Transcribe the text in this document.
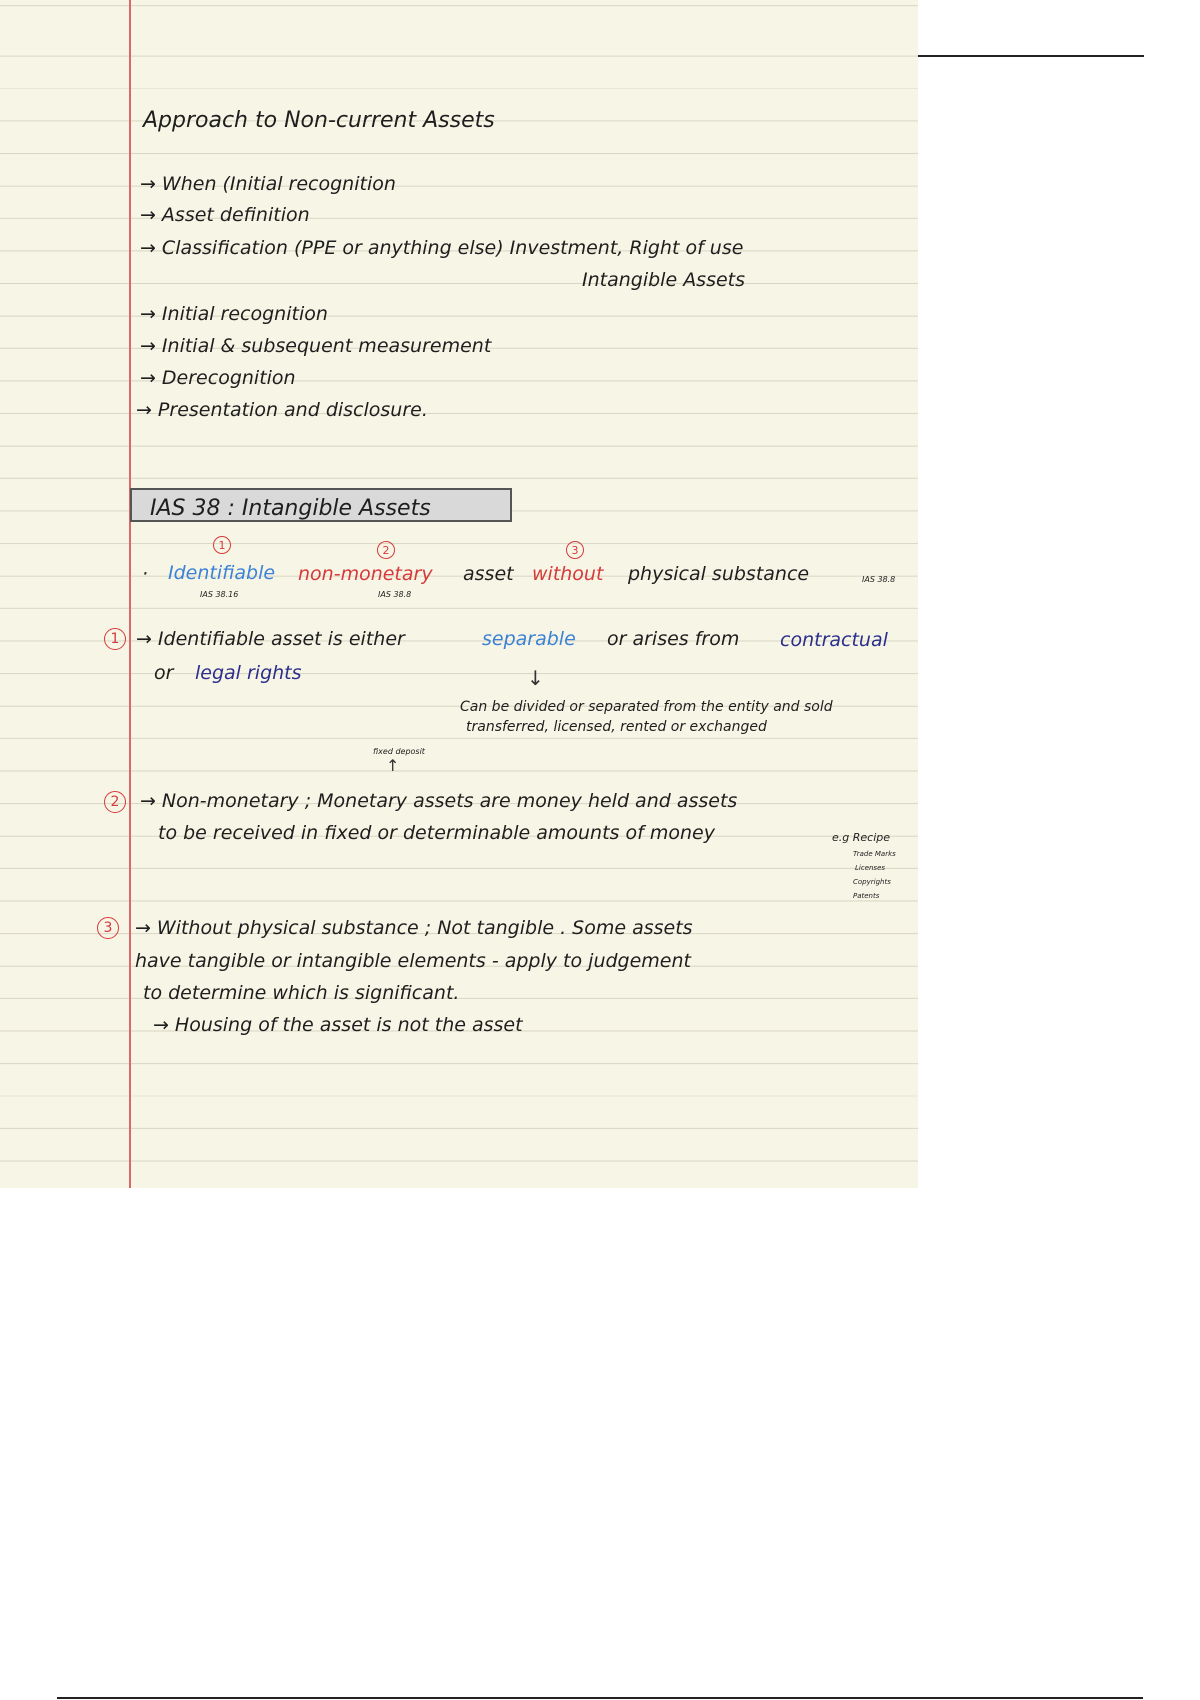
Approach to Non-current Assets
→ When (Initial recognition
→ Asset definition
→ Classification (PPE or anything else) Investment, Right of use
Intangible Assets
→ Initial recognition
→ Initial & subsequent measurement
→ Derecognition
→ Presentation and disclosure.
IAS 38 : Intangible Assets
1	2	3
· Identifiable non-monetary asset without physical substance	IAS 38.8
IAS 38.16	IAS 38.8
1 → Identifiable asset is either	separable or arises from contractual
or legal rights	↓
Can be divided or separated from the entity and sold
transferred, licensed, rented or exchanged
fixed deposit
↑
2	→ Non-monetary ; Monetary assets are money held and assets
to be received in fixed or determinable amounts of money	e.g Recipe
Trade Marks
Licenses
Copyrights
Patents
3	→ Without physical substance ; Not tangible . Some assets
have tangible or intangible elements - apply to judgement
to determine which is significant.
→ Housing of the asset is not the asset
